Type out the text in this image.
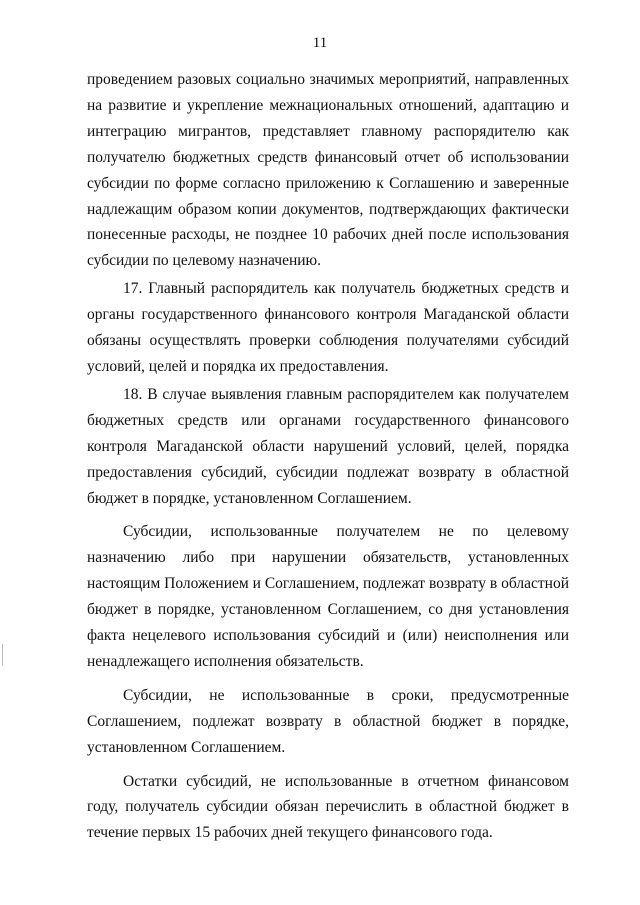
11

проведением разовых социально значимых мероприятий, направленных на развитие и укрепление межнациональных отношений, адаптацию и интеграцию мигрантов, представляет главному распорядителю как получателю бюджетных средств финансовый отчет об использовании субсидии по форме согласно приложению к Соглашению и заверенные надлежащим образом копии документов, подтверждающих фактически понесенные расходы, не позднее 10 рабочих дней после использования субсидии по целевому назначению.

17. Главный распорядитель как получатель бюджетных средств и органы государственного финансового контроля Магаданской области обязаны осуществлять проверки соблюдения получателями субсидий условий, целей и порядка их предоставления.

18. В случае выявления главным распорядителем как получателем бюджетных средств или органами государственного финансового контроля Магаданской области нарушений условий, целей, порядка предоставления субсидий, субсидии подлежат возврату в областной бюджет в порядке, установленном Соглашением.

Субсидии, использованные получателем не по целевому назначению либо при нарушении обязательств, установленных настоящим Положением и Соглашением, подлежат возврату в областной бюджет в порядке, установленном Соглашением, со дня установления факта нецелевого использования субсидий и (или) неисполнения или ненадлежащего исполнения обязательств.

Субсидии, не использованные в сроки, предусмотренные Соглашением, подлежат возврату в областной бюджет в порядке, установленном Соглашением.

Остатки субсидий, не использованные в отчетном финансовом году, получатель субсидии обязан перечислить в областной бюджет в течение первых 15 рабочих дней текущего финансового года.
